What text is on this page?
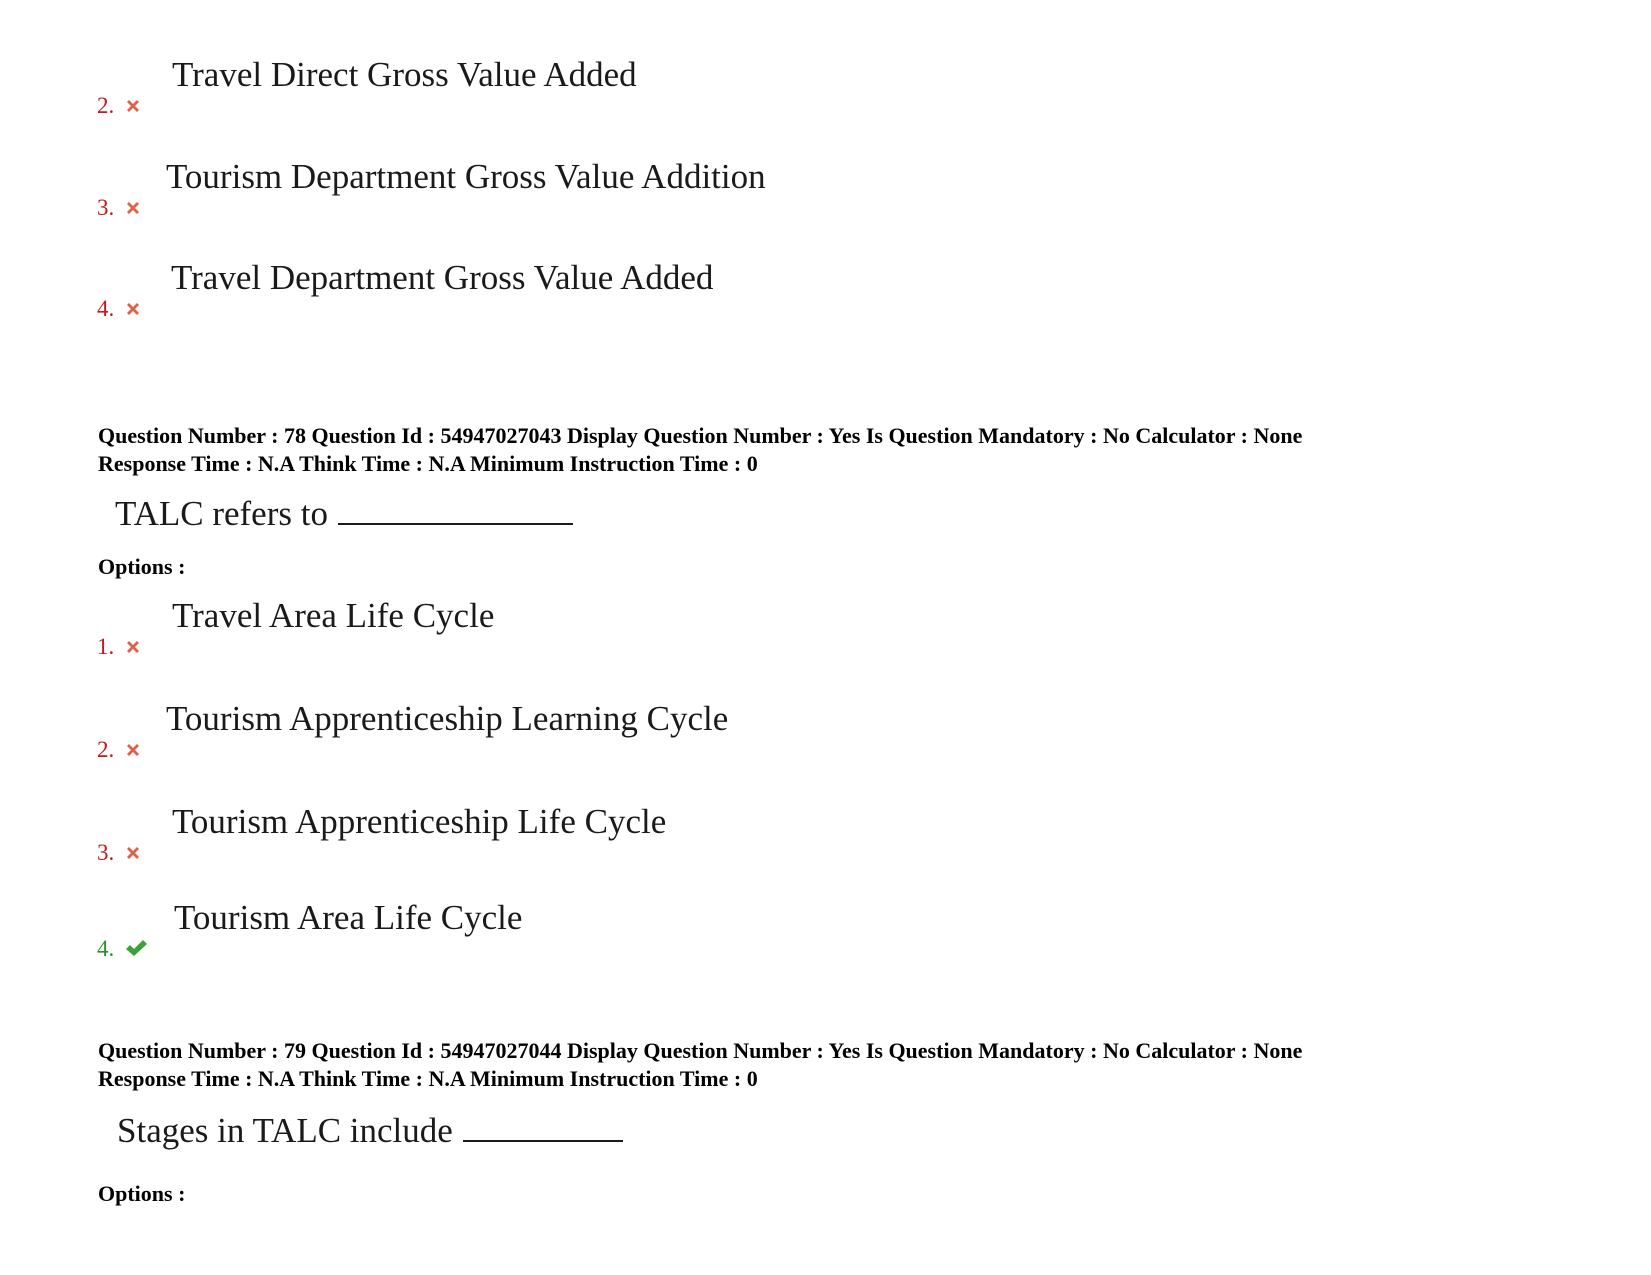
2.
Travel Direct Gross Value Added
3.
Tourism Department Gross Value Addition
4.
Travel Department Gross Value Added
Question Number : 78 Question Id : 54947027043 Display Question Number : Yes Is Question Mandatory : No Calculator : None
Response Time : N.A Think Time : N.A Minimum Instruction Time : 0
TALC refers to
Options :
1.
Travel Area Life Cycle
2.
Tourism Apprenticeship Learning Cycle
3.
Tourism Apprenticeship Life Cycle
4.
Tourism Area Life Cycle
Question Number : 79 Question Id : 54947027044 Display Question Number : Yes Is Question Mandatory : No Calculator : None
Response Time : N.A Think Time : N.A Minimum Instruction Time : 0
Stages in TALC include
Options :
